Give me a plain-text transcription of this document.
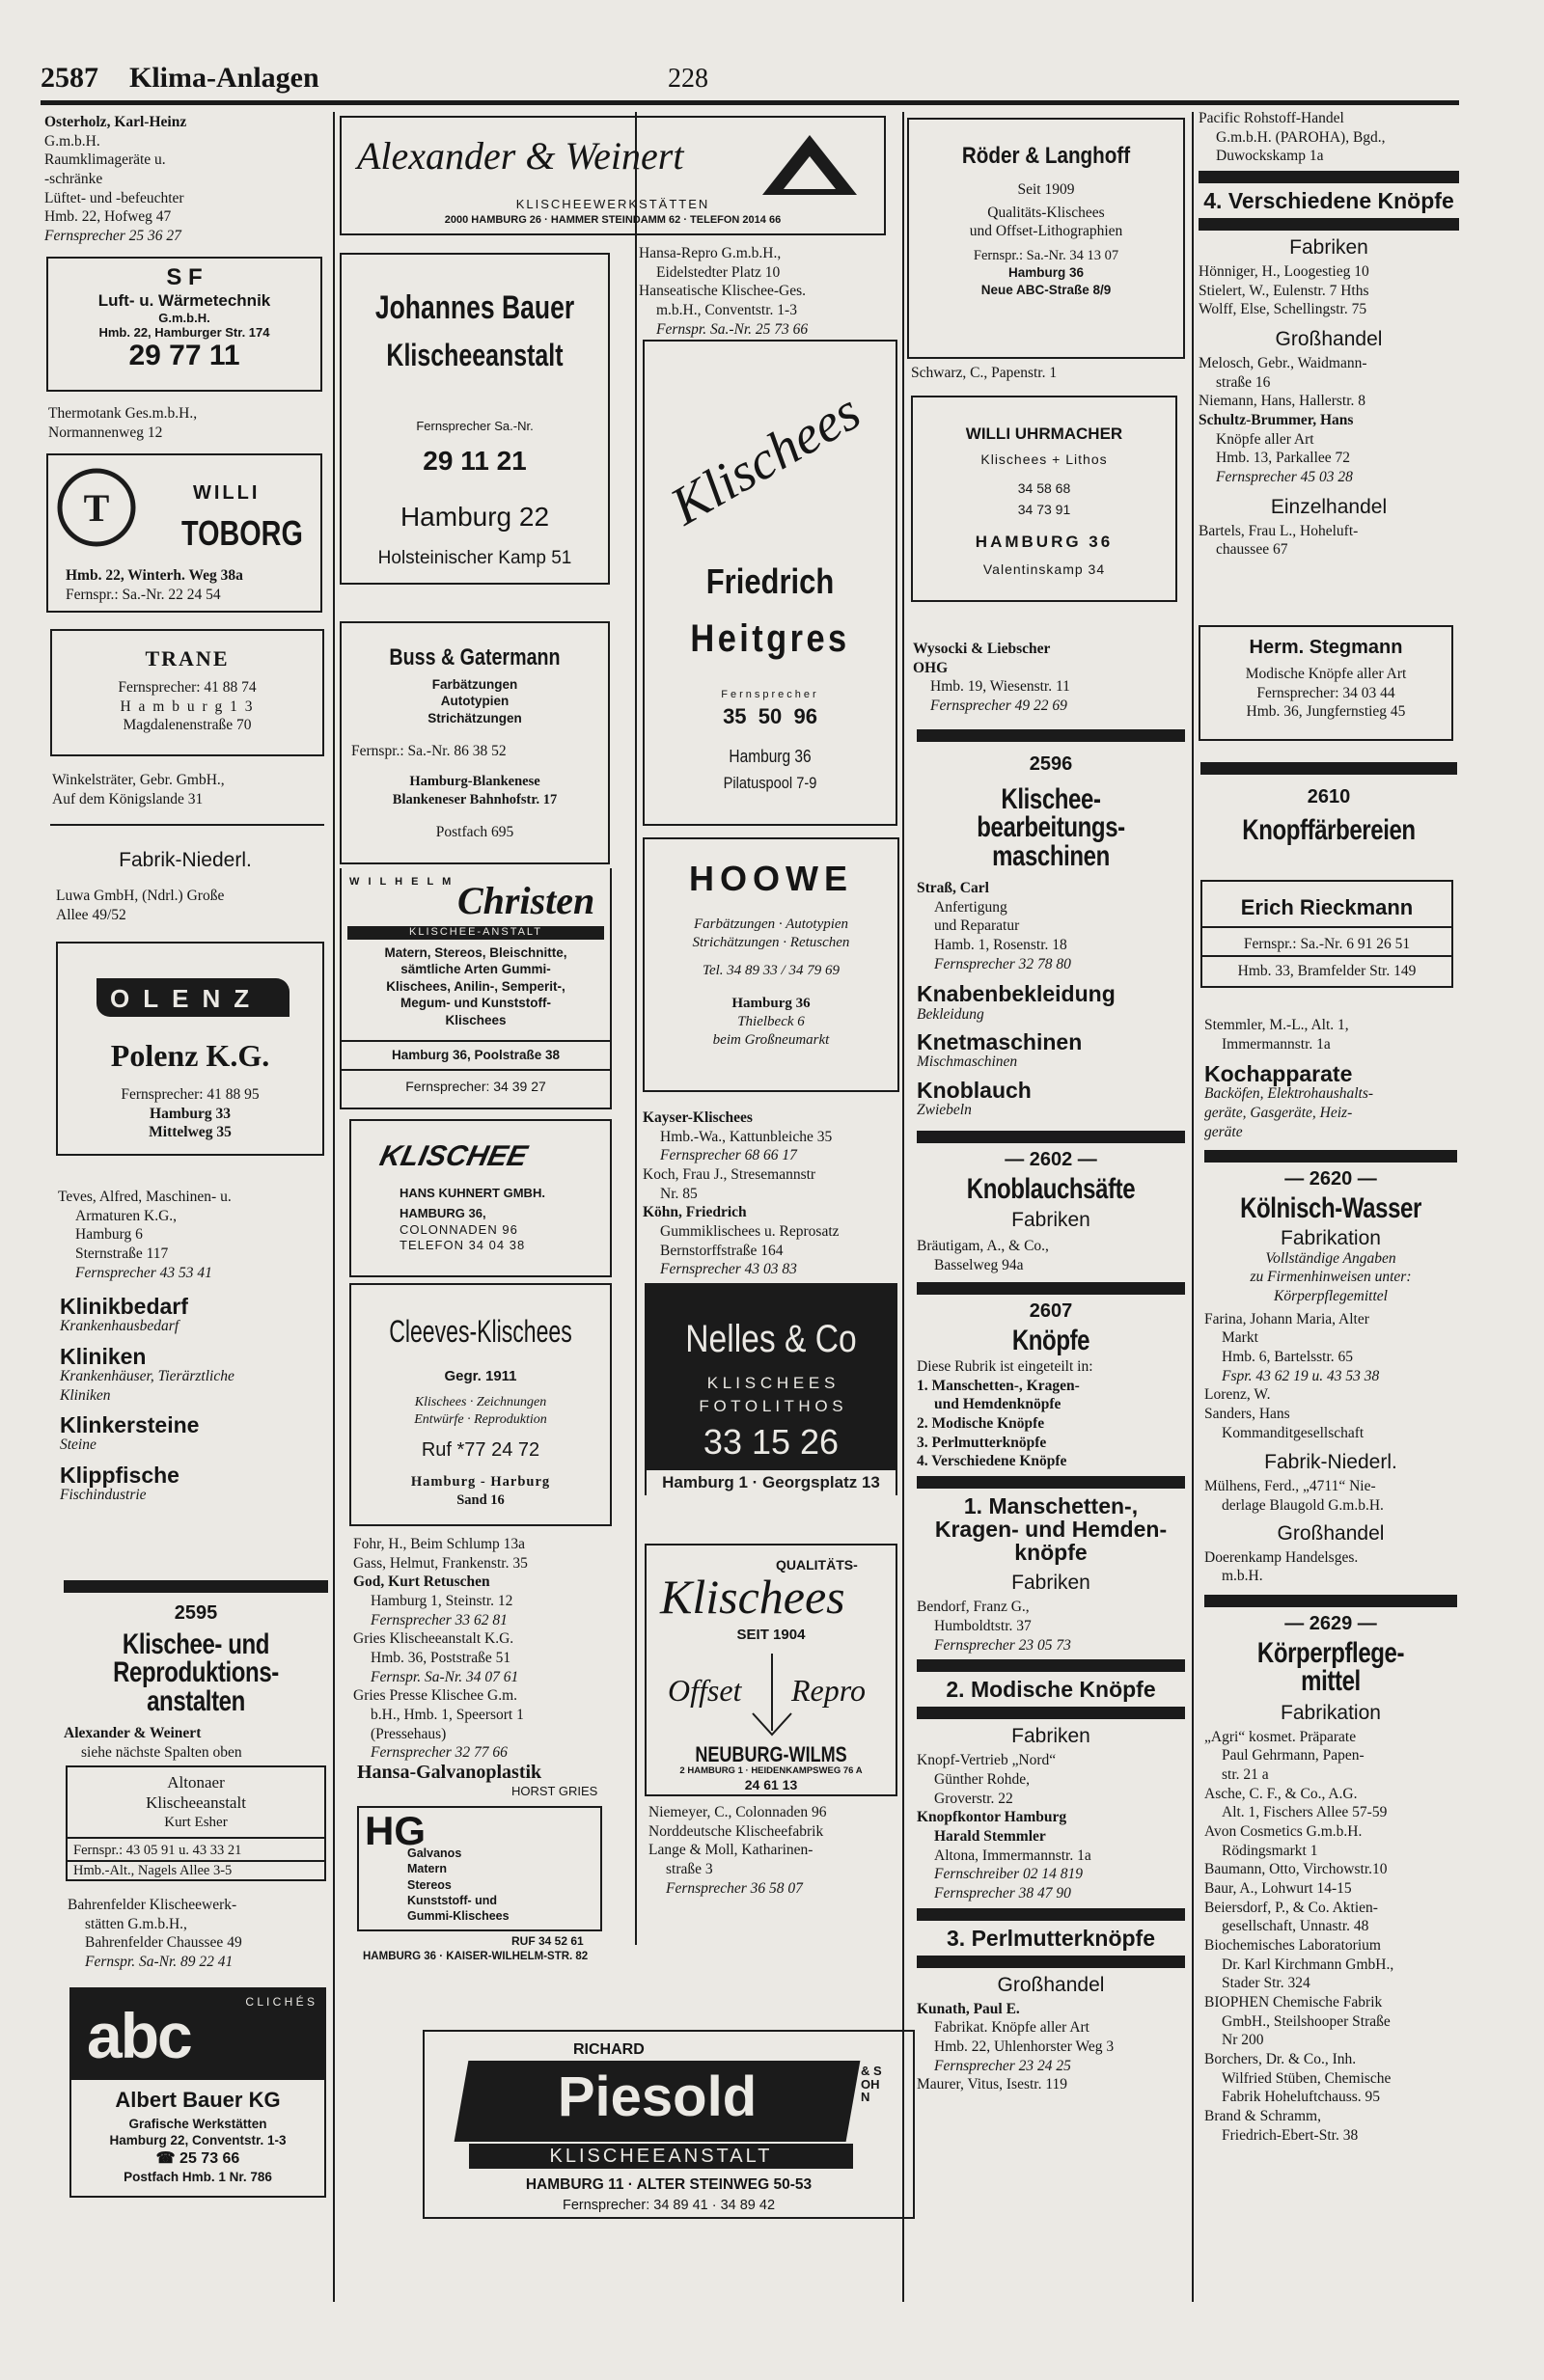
2587 Klima-Anlagen	228

Osterholz, Karl-Heinz

G.m.b.H.

Raumklimageräte u.

-schränke

Lüftet- und -befeuchter

Hmb. 22, Hofweg 47

Fernsprecher 25 36 27

S F
Luft- u. Wärmetechnik
G.m.b.H.
Hmb. 22, Hamburger Str. 174
29 77 11

Thermotank Ges.m.b.H.,

Normannenweg 12

T	WILLI
TOBORG

Hmb. 22, Winterh. Weg 38a

Fernspr.: Sa.-Nr. 22 24 54

TRANE

Fernsprecher: 41 88 74

H a m b u r g 1 3

Magdalenenstraße 70

Winkelsträter, Gebr. GmbH.,

Auf dem Königslande 31

Fabrik-Niederl.

Luwa GmbH, (Ndrl.) Große

Allee 49/52

OLENZ
Polenz K.G.

Fernsprecher: 41 88 95

Hamburg 33

Mittelweg 35

Teves, Alfred, Maschinen- u.

Armaturen K.G.,

Hamburg 6

Sternstraße 117

Fernsprecher 43 53 41

Klinikbedarf

Krankenhausbedarf

Kliniken

Krankenhäuser, Tierärztliche

Kliniken

Klinkersteine

Steine

Klippfische

Fischindustrie

2595
Klischee- und
Reproduktions-
anstalten

Alexander & Weinert

siehe nächste Spalten oben

Altonaer

Klischeeanstalt

Kurt Esher

Fernspr.: 43 05 91 u. 43 33 21

Hmb.-Alt., Nagels Allee 3-5

Bahrenfelder Klischeewerk-

stätten G.m.b.H.,

Bahrenfelder Chaussee 49

Fernspr. Sa-Nr. 89 22 41

C L I C H É S
abc
Albert Bauer KG

Grafische Werkstätten

Hamburg 22, Conventstr. 1-3

☎ 25 73 66

Postfach Hmb. 1 Nr. 786

Alexander & Weinert
KLISCHEEWERKSTÄTTEN
2000 HAMBURG 26 · HAMMER STEINDAMM 62 · TELEFON 2014 66
Johannes Bauer
Klischeeanstalt
Fernsprecher Sa.-Nr.
29 11 21
Hamburg 22
Holsteinischer Kamp 51
Buss & Gatermann

Farbätzungen

Autotypien

Strichätzungen

Fernspr.: Sa.-Nr. 86 38 52

Hamburg-Blankenese

Blankeneser Bahnhofstr. 17

Postfach 695

W I L H E L M Christen
KLISCHEE-ANSTALT

Matern, Stereos, Bleischnitte,

sämtliche Arten Gummi-

Klischees, Anilin-, Semperit-,

Megum- und Kunststoff-

Klischees

Hamburg 36, Poolstraße 38
Fernsprecher: 34 39 27
KLISCHEE

HANS KUHNERT GMBH.

HAMBURG 36,

COLONNADEN 96

TELEFON 34 04 38

Cleeves-Klischees
Gegr. 1911

Klischees · Zeichnungen

Entwürfe · Reproduktion

Ruf *77 24 72

Hamburg - Harburg

Sand 16

Fohr, H., Beim Schlump 13a

Gass, Helmut, Frankenstr. 35

God, Kurt Retuschen

Hamburg 1, Steinstr. 12

Fernsprecher 33 62 81

Gries Klischeeanstalt K.G.

Hmb. 36, Poststraße 51

Fernspr. Sa-Nr. 34 07 61

Gries Presse Klischee G.m.

b.H., Hmb. 1, Speersort 1

(Pressehaus)

Fernsprecher 32 77 66

Hansa-Galvanoplastik
HORST GRIES
HG

Galvanos

Matern

Stereos

Kunststoff- und

Gummi-Klischees

RUF 34 52 61
HAMBURG 36 · KAISER-WILHELM-STR. 82

Hansa-Repro G.m.b.H.,

Eidelstedter Platz 10

Hanseatische Klischee-Ges.

m.b.H., Conventstr. 1-3

Fernspr. Sa.-Nr. 25 73 66

Klischees
Friedrich
Heitgres
Fernsprecher
35  50  96
Hamburg 36
Pilatuspool 7-9
HOOWE

Farbätzungen · Autotypien

Strichätzungen · Retuschen

Tel. 34 89 33 / 34 79 69

Hamburg 36

Thielbeck 6

beim Großneumarkt

Kayser-Klischees

Hmb.-Wa., Kattunbleiche 35

Fernsprecher 68 66 17

Koch, Frau J., Stresemannstr

Nr. 85

Köhn, Friedrich

Gummiklischees u. Reprosatz

Bernstorffstraße 164

Fernsprecher 43 03 83

Nelles & Co
K L I S C H E E S
F O T O L I T H O S
33 15 26
Hamburg 1 · Georgsplatz 13
QUALITÄTS-
Klischees
SEIT 1904
Offset Repro
NEUBURG-WILMS
2 HAMBURG 1 · HEIDENKAMPSWEG 76 A
24 61 13

Niemeyer, C., Colonnaden 96

Norddeutsche Klischeefabrik

Lange & Moll, Katharinen-

straße 3

Fernsprecher 36 58 07

RICHARD
Piesold	& SOHN
KLISCHEEANSTALT
HAMBURG 11 · ALTER STEINWEG 50-53
Fernsprecher: 34 89 41 · 34 89 42
Röder & Langhoff

Seit 1909

Qualitäts-Klischees

und Offset-Lithographien

Fernspr.: Sa.-Nr. 34 13 07

Hamburg 36

Neue ABC-Straße 8/9

Schwarz, C., Papenstr. 1

WILLI UHRMACHER
Klischees + Lithos
34 58 68
34 73 91
HAMBURG 36
Valentinskamp 34

Wysocki & Liebscher

OHG

Hmb. 19, Wiesenstr. 11

Fernsprecher 49 22 69

2596
Klischee-
bearbeitungs-
maschinen

Straß, Carl

Anfertigung

und Reparatur

Hamb. 1, Rosenstr. 18

Fernsprecher 32 78 80

Knabenbekleidung

Bekleidung

Knetmaschinen

Mischmaschinen

Knoblauch

Zwiebeln

— 2602 —
Knoblauchsäfte
Fabriken

Bräutigam, A., & Co.,

Basselweg 94a

2607
Knöpfe

Diese Rubrik ist eingeteilt in:

1. Manschetten-, Kragen-

und Hemdenknöpfe

2. Modische Knöpfe

3. Perlmutterknöpfe

4. Verschiedene Knöpfe

1. Manschetten-,
Kragen- und Hemden-
knöpfe
Fabriken

Bendorf, Franz G.,

Humboldtstr. 37

Fernsprecher 23 05 73

2. Modische Knöpfe
Fabriken

Knopf-Vertrieb „Nord“

Günther Rohde,

Groverstr. 22

Knopfkontor Hamburg

Harald Stemmler

Altona, Immermannstr. 1a

Fernschreiber 02 14 819

Fernsprecher 38 47 90

3. Perlmutterknöpfe
Großhandel

Kunath, Paul E.

Fabrikat. Knöpfe aller Art

Hmb. 22, Uhlenhorster Weg 3

Fernsprecher 23 24 25

Maurer, Vitus, Isestr. 119

Pacific Rohstoff-Handel

G.m.b.H. (PAROHA), Bgd.,

Duwockskamp 1a

4. Verschiedene Knöpfe
Fabriken

Hönniger, H., Loogestieg 10

Stielert, W., Eulenstr. 7 Hths

Wolff, Else, Schellingstr. 75

Großhandel

Melosch, Gebr., Waidmann-

straße 16

Niemann, Hans, Hallerstr. 8

Schultz-Brummer, Hans

Knöpfe aller Art

Hmb. 13, Parkallee 72

Fernsprecher 45 03 28

Einzelhandel

Bartels, Frau L., Hoheluft-

chaussee 67

Herm. Stegmann

Modische Knöpfe aller Art

Fernsprecher: 34 03 44

Hmb. 36, Jungfernstieg 45

2610
Knopffärbereien
Erich Rieckmann

Fernspr.: Sa.-Nr. 6 91 26 51

Hmb. 33, Bramfelder Str. 149

Stemmler, M.-L., Alt. 1,

Immermannstr. 1a

Kochapparate

Backöfen, Elektrohaushalts-

geräte, Gasgeräte, Heiz-

geräte

— 2620 —
Kölnisch-Wasser
Fabrikation

Vollständige Angaben

zu Firmenhinweisen unter:

Körperpflegemittel

Farina, Johann Maria, Alter

Markt

Hmb. 6, Bartelsstr. 65

Fspr. 43 62 19 u. 43 53 38

Lorenz, W.

Sanders, Hans

Kommanditgesellschaft

Fabrik-Niederl.

Mülhens, Ferd., „4711“ Nie-

derlage Blaugold G.m.b.H.

Großhandel

Doerenkamp Handelsges.

m.b.H.

— 2629 —
Körperpflege-
mittel
Fabrikation

„Agri“ kosmet. Präparate

Paul Gehrmann, Papen-

str. 21 a

Asche, C. F., & Co., A.G.

Alt. 1, Fischers Allee 57-59

Avon Cosmetics G.m.b.H.

Rödingsmarkt 1

Baumann, Otto, Virchowstr.10

Baur, A., Lohwurt 14-15

Beiersdorf, P., & Co. Aktien-

gesellschaft, Unnastr. 48

Biochemisches Laboratorium

Dr. Karl Kirchmann GmbH.,

Stader Str. 324

BIOPHEN Chemische Fabrik

GmbH., Steilshooper Straße

Nr 200

Borchers, Dr. & Co., Inh.

Wilfried Stüben, Chemische

Fabrik Hoheluftchauss. 95

Brand & Schramm,

Friedrich-Ebert-Str. 38
